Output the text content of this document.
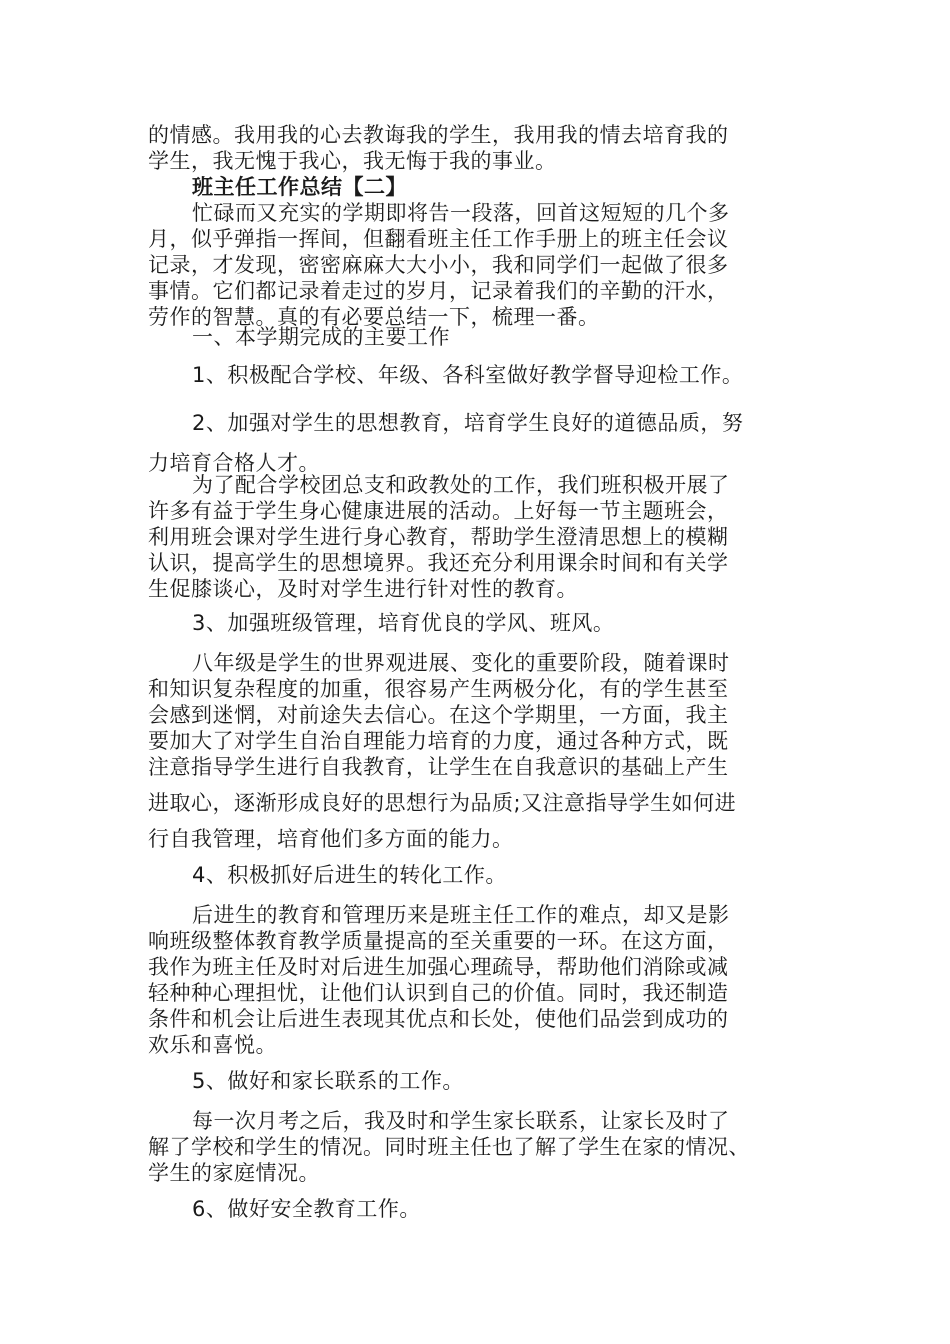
的情感。我用我的心去教诲我的学生，我用我的情去培育我的
学生，我无愧于我心，我无悔于我的事业。
班主任工作总结【二】
忙碌而又充实的学期即将告一段落，回首这短短的几个多
月，似乎弹指一挥间，但翻看班主任工作手册上的班主任会议
记录，才发现，密密麻麻大大小小，我和同学们一起做了很多
事情。它们都记录着走过的岁月，记录着我们的辛勤的汗水，
劳作的智慧。真的有必要总结一下，梳理一番。
一、本学期完成的主要工作
1、积极配合学校、年级、各科室做好教学督导迎检工作。
2、加强对学生的思想教育，培育学生良好的道德品质，努
力培育合格人才。
为了配合学校团总支和政教处的工作，我们班积极开展了
许多有益于学生身心健康进展的活动。上好每一节主题班会，
利用班会课对学生进行身心教育，帮助学生澄清思想上的模糊
认识，提高学生的思想境界。我还充分利用课余时间和有关学
生促膝谈心，及时对学生进行针对性的教育。
3、加强班级管理，培育优良的学风、班风。
八年级是学生的世界观进展、变化的重要阶段，随着课时
和知识复杂程度的加重，很容易产生两极分化，有的学生甚至
会感到迷惘，对前途失去信心。在这个学期里，一方面，我主
要加大了对学生自治自理能力培育的力度，通过各种方式，既
注意指导学生进行自我教育，让学生在自我意识的基础上产生
进取心，逐渐形成良好的思想行为品质;又注意指导学生如何进
行自我管理，培育他们多方面的能力。
4、积极抓好后进生的转化工作。
后进生的教育和管理历来是班主任工作的难点，却又是影
响班级整体教育教学质量提高的至关重要的一环。在这方面，
我作为班主任及时对后进生加强心理疏导，帮助他们消除或减
轻种种心理担忧，让他们认识到自己的价值。同时，我还制造
条件和机会让后进生表现其优点和长处，使他们品尝到成功的
欢乐和喜悦。
5、做好和家长联系的工作。
每一次月考之后，我及时和学生家长联系，让家长及时了
解了学校和学生的情况。同时班主任也了解了学生在家的情况、
学生的家庭情况。
6、做好安全教育工作。
